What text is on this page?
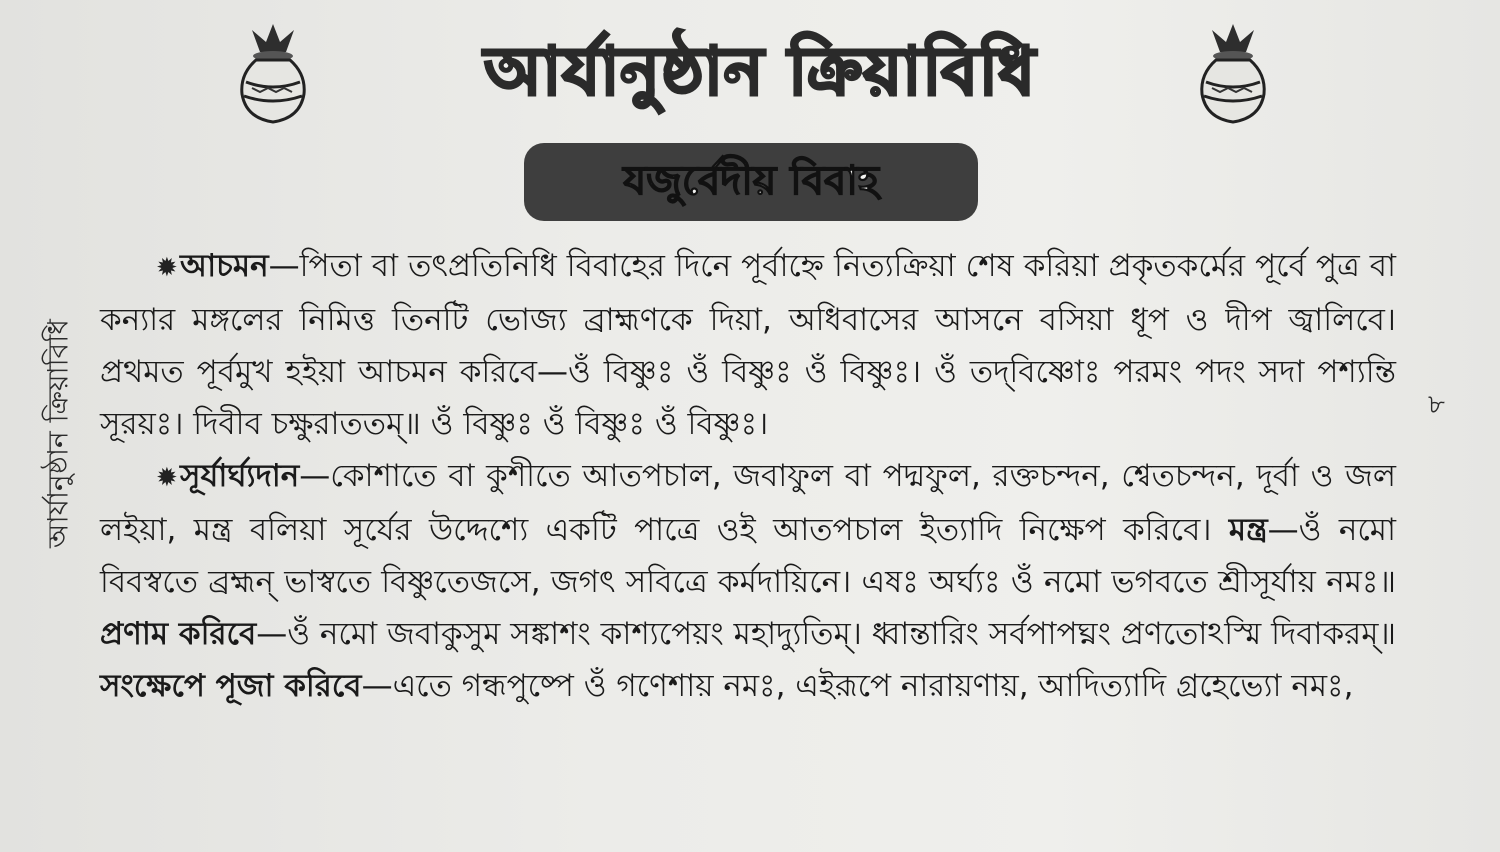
আর্যানুষ্ঠান ক্রিয়াবিধি
যজুর্বেদীয় বিবাহ
আর্যানুষ্ঠান ক্রিয়াবিধি	৮

✹আচমন—পিতা বা তৎপ্রতিনিধি বিবাহের দিনে পূর্বাহ্নে নিত্যক্রিয়া শেষ করিয়া প্রকৃতকর্মের পূর্বে পুত্র বা কন্যার মঙ্গলের নিমিত্ত তিনটি ভোজ্য ব্রাহ্মণকে দিয়া, অধিবাসের আসনে বসিয়া ধূপ ও দীপ জ্বালিবে। প্রথমত পূর্বমুখ হইয়া আচমন করিবে—ওঁ বিষ্ণুঃ ওঁ বিষ্ণুঃ ওঁ বিষ্ণুঃ। ওঁ তদ্‌বিষ্ণোঃ পরমং পদং সদা পশ্যন্তি সূরয়ঃ। দিবীব চক্ষুরাততম্‌॥ ওঁ বিষ্ণুঃ ওঁ বিষ্ণুঃ ওঁ বিষ্ণুঃ।

✹সূর্যার্ঘ্যদান—কোশাতে বা কুশীতে আতপচাল, জবাফুল বা পদ্মফুল, রক্তচন্দন, শ্বেতচন্দন, দূর্বা ও জল লইয়া, মন্ত্র বলিয়া সূর্যের উদ্দেশ্যে একটি পাত্রে ওই আতপচাল ইত্যাদি নিক্ষেপ করিবে। মন্ত্র—ওঁ নমো বিবস্বতে ব্রহ্মন্‌ ভাস্বতে বিষ্ণুতেজসে, জগৎ সবিত্রে কর্মদায়িনে। এষঃ অর্ঘ্যঃ ওঁ নমো ভগবতে শ্রীসূর্যায় নমঃ॥ প্রণাম করিবে—ওঁ নমো জবাকুসুম সঙ্কাশং কাশ্যপেয়ং মহাদ্যুতিম্‌। ধ্বান্তারিং সর্বপাপঘ্নং প্রণতোঽস্মি দিবাকরম্‌॥ সংক্ষেপে পূজা করিবে—এতে গন্ধপুষ্পে ওঁ গণেশায় নমঃ, এইরূপে নারায়ণায়, আদিত্যাদি গ্রহেভ্যো নমঃ,
